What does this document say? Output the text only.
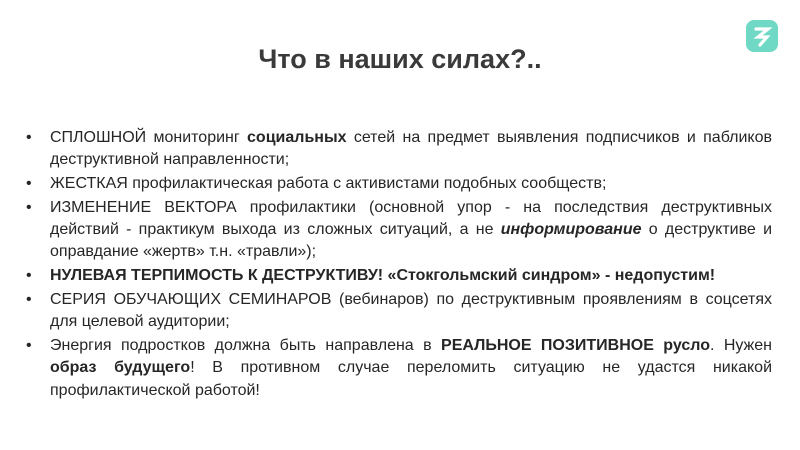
Что в наших силах?..
• СПЛОШНОЙ мониторинг социальных сетей на предмет выявления подписчиков и пабликов деструктивной направленности;
• ЖЕСТКАЯ профилактическая работа с активистами подобных сообществ;
• ИЗМЕНЕНИЕ ВЕКТОРА профилактики (основной упор - на последствия деструктивных действий - практикум выхода из сложных ситуаций, а не информирование о деструктиве и оправдание «жертв» т.н. «травли»);
• НУЛЕВАЯ ТЕРПИМОСТЬ К ДЕСТРУКТИВУ! «Стокгольмский синдром» - недопустим!
• СЕРИЯ ОБУЧАЮЩИХ СЕМИНАРОВ (вебинаров) по деструктивным проявлениям в соцсетях для целевой аудитории;
• Энергия подростков должна быть направлена в РЕАЛЬНОЕ ПОЗИТИВНОЕ русло. Нужен образ будущего! В противном случае переломить ситуацию не удастся никакой профилактической работой!
